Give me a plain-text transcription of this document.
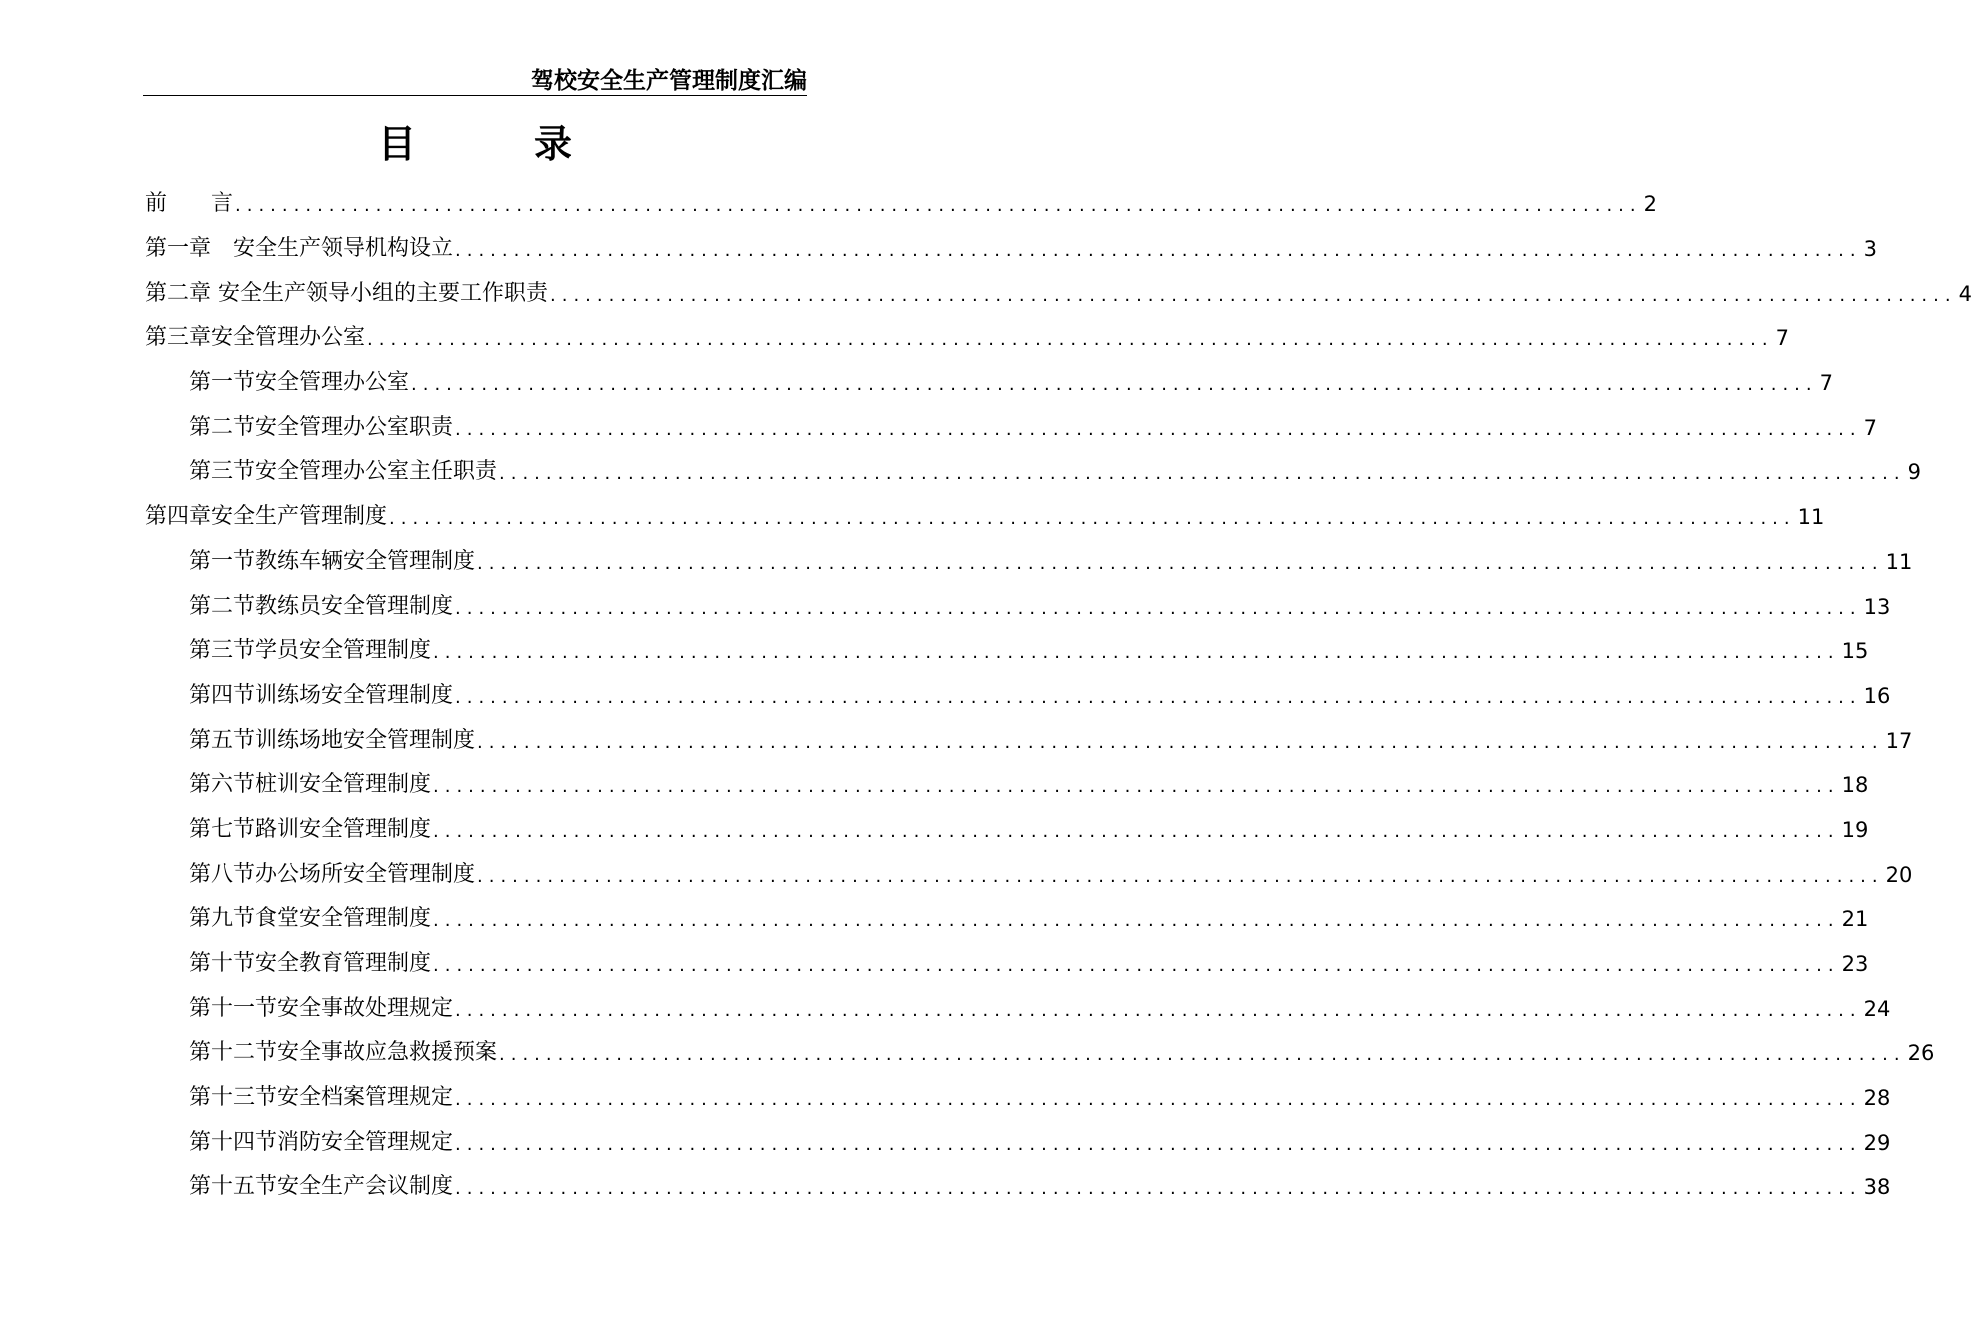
驾校安全生产管理制度汇编
目　录
前　　言 ........................................................................................................................ 2
第一章　安全生产领导机构设立 ........................................................................................................................ 3
第二章 安全生产领导小组的主要工作职责 ........................................................................................................................ 4
第三章安全管理办公室 ........................................................................................................................ 7
第一节安全管理办公室 ........................................................................................................................ 7
第二节安全管理办公室职责 ........................................................................................................................ 7
第三节安全管理办公室主任职责 ........................................................................................................................ 9
第四章安全生产管理制度 ........................................................................................................................ 11
第一节教练车辆安全管理制度 ........................................................................................................................ 11
第二节教练员安全管理制度 ........................................................................................................................ 13
第三节学员安全管理制度 ........................................................................................................................ 15
第四节训练场安全管理制度 ........................................................................................................................ 16
第五节训练场地安全管理制度 ........................................................................................................................ 17
第六节桩训安全管理制度 ........................................................................................................................ 18
第七节路训安全管理制度 ........................................................................................................................ 19
第八节办公场所安全管理制度 ........................................................................................................................ 20
第九节食堂安全管理制度 ........................................................................................................................ 21
第十节安全教育管理制度 ........................................................................................................................ 23
第十一节安全事故处理规定 ........................................................................................................................ 24
第十二节安全事故应急救援预案 ........................................................................................................................ 26
第十三节安全档案管理规定 ........................................................................................................................ 28
第十四节消防安全管理规定 ........................................................................................................................ 29
第十五节安全生产会议制度 ........................................................................................................................ 38
